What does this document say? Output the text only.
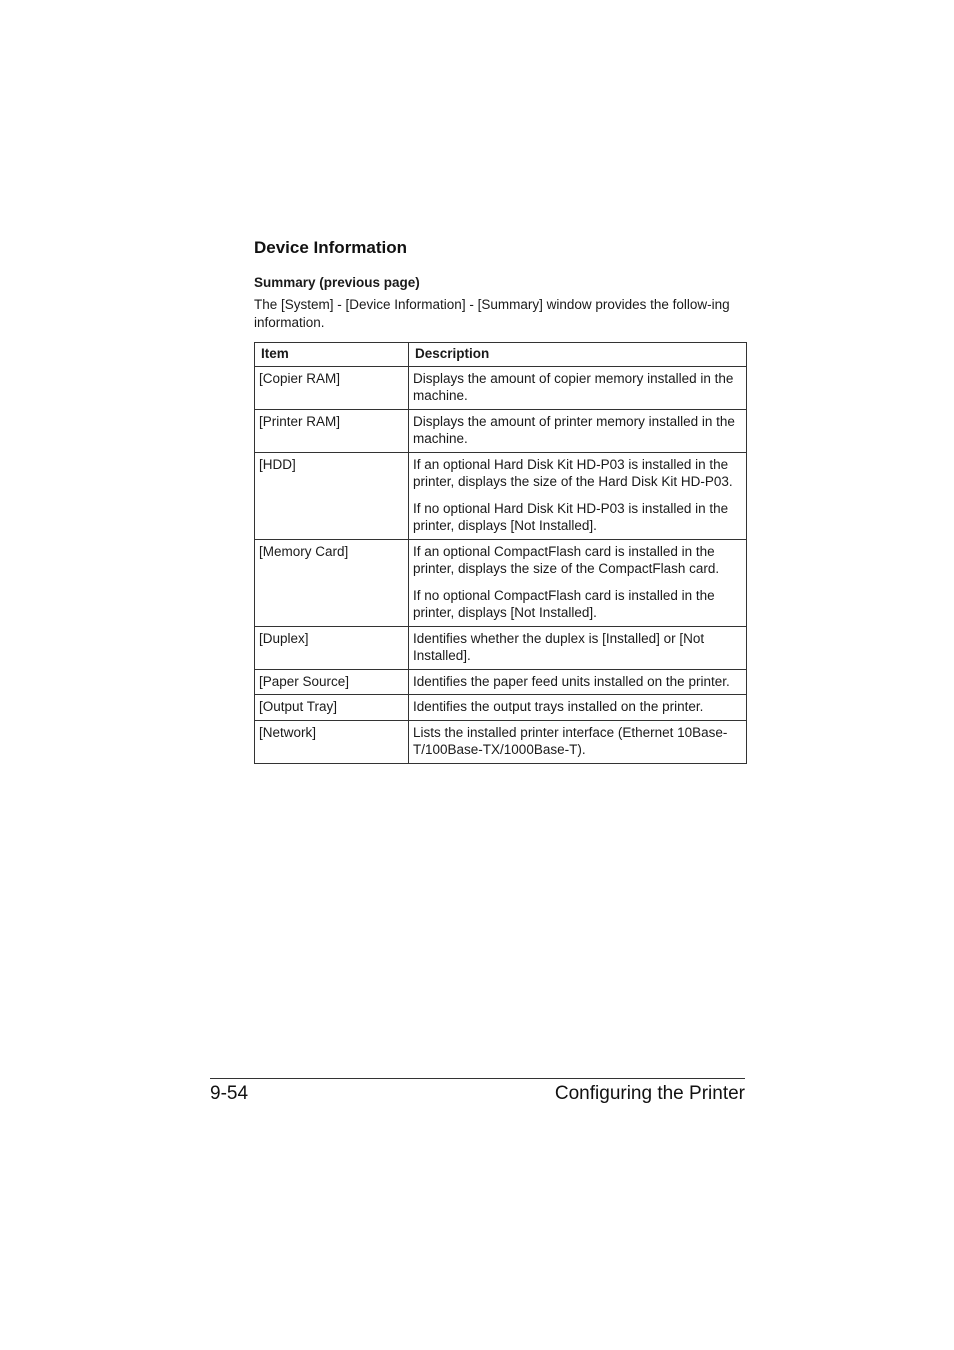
Device Information
Summary (previous page)

The [System] - [Device Information] - [Summary] window provides the follow-ing information.

Item	Description
[Copier RAM]	Displays the amount of copier memory installed in the machine.

[Printer RAM]	Displays the amount of printer memory installed in the machine.

[HDD]	If an optional Hard Disk Kit HD-P03 is installed in the printer, displays the size of the Hard Disk Kit HD-P03.

If no optional Hard Disk Kit HD-P03 is installed in the printer, displays [Not Installed].

[Memory Card]	If an optional CompactFlash card is installed in the printer, displays the size of the CompactFlash card.

If no optional CompactFlash card is installed in the printer, displays [Not Installed].

[Duplex]	Identifies whether the duplex is [Installed] or [Not Installed].

[Paper Source]	Identifies the paper feed units installed on the printer.

[Output Tray]	Identifies the output trays installed on the printer.

[Network]	Lists the installed printer interface (Ethernet 10Base-T/100Base-TX/1000Base-T).

9-54	Configuring the Printer
